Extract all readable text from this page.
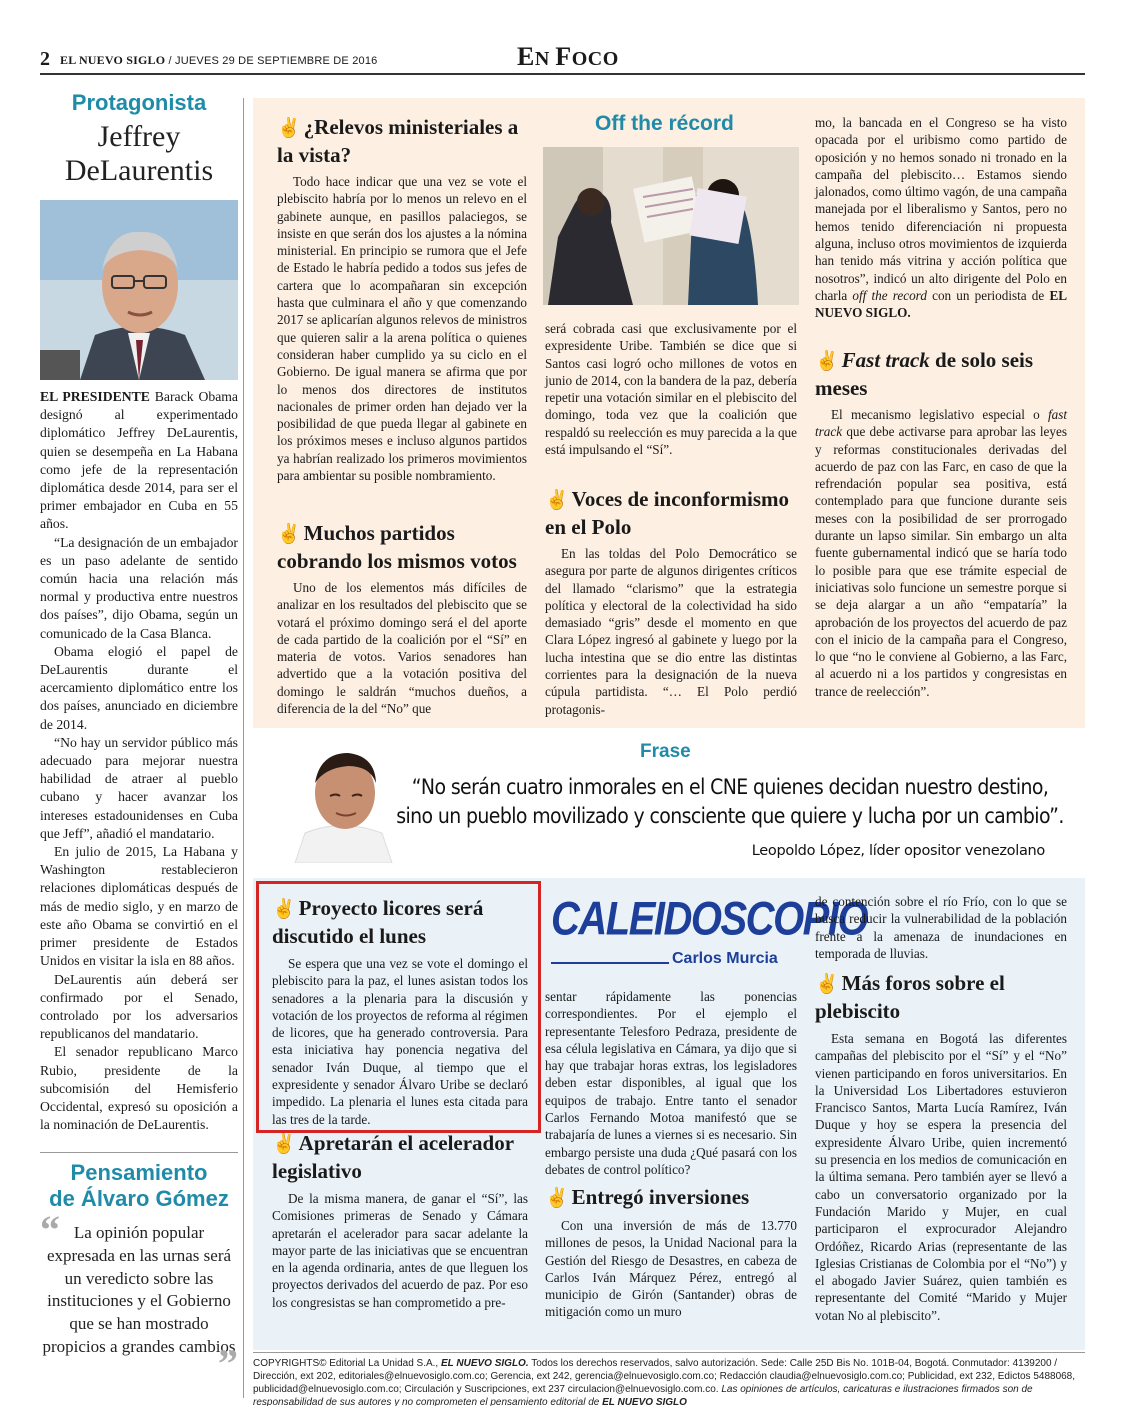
2 EL NUEVO SIGLO / JUEVES 29 DE SEPTIEMBRE DE 2016	EN FOCO
Protagonista
Jeffrey
DeLaurentis

EL PRESIDENTE Barack Obama designó al experimentado diplomático Jeffrey DeLaurentis, quien se desempeña en La Habana como jefe de la representación diplomática desde 2014, para ser el primer embajador en Cuba en 55 años.

“La designación de un embajador es un paso adelante de sentido común hacia una relación más normal y productiva entre nuestros dos países”, dijo Obama, según un comunicado de la Casa Blanca.

Obama elogió el papel de DeLaurentis durante el acercamiento diplomático entre los dos países, anunciado en diciembre de 2014.

“No hay un servidor público más adecuado para mejorar nuestra habilidad de atraer al pueblo cubano y hacer avanzar los intereses estadounidenses en Cuba que Jeff”, añadió el mandatario.

En julio de 2015, La Habana y Washington restablecieron relaciones diplomáticas después de más de medio siglo, y en marzo de este año Obama se convirtió en el primer presidente de Estados Unidos en visitar la isla en 88 años.

DeLaurentis aún deberá ser confirmado por el Senado, controlado por los adversarios republicanos del mandatario.

El senador republicano Marco Rubio, presidente de la subcomisión del Hemisferio Occidental, expresó su oposición a la nominación de DeLaurentis.

Pensamiento
de Álvaro Gómez
“ La opinión popular expresada en las urnas será un veredicto sobre las instituciones y el Gobierno que se han mostrado propicios a grandes cambios
”
✌ ¿Relevos ministeriales a la vista?

Todo hace indicar que una vez se vote el plebiscito habría por lo menos un relevo en el gabinete aunque, en pasillos palaciegos, se insiste en que serán dos los ajustes a la nómina ministerial. En principio se rumora que el Jefe de Estado le habría pedido a todos sus jefes de cartera que lo acompañaran sin excepción hasta que culminara el año y que comenzando 2017 se aplicarían algunos relevos de ministros que quieren salir a la arena política o quienes consideran haber cumplido ya su ciclo en el Gobierno. De igual manera se afirma que por lo menos dos directores de institutos nacionales de primer orden han dejado ver la posibilidad de que pueda llegar al gabinete en los próximos meses e incluso algunos partidos ya habrían realizado los primeros movimientos para ambientar su posible nombramiento.

✌ Muchos partidos cobrando los mismos votos

Uno de los elementos más difíciles de analizar en los resultados del plebiscito que se votará el próximo domingo será el del aporte de cada partido de la coalición por el “Sí” en materia de votos. Varios senadores han advertido que a la votación positiva del domingo le saldrán “muchos dueños, a diferencia de la del “No” que

Off the récord

será cobrada casi que exclusivamente por el expresidente Uribe. También se dice que si Santos casi logró ocho millones de votos en junio de 2014, con la bandera de la paz, debería repetir una votación similar en el plebiscito del domingo, toda vez que la coalición que respaldó su reelección es muy parecida a la que está impulsando el “Sí”.

✌ Voces de inconformismo en el Polo

En las toldas del Polo Democrático se asegura por parte de algunos dirigentes críticos del llamado “clarismo” que la estrategia política y electoral de la colectividad ha sido demasiado “gris” desde el momento en que Clara López ingresó al gabinete y luego por la lucha intestina que se dio entre las distintas corrientes para la designación de la nueva cúpula partidista. “… El Polo perdió protagonis-

mo, la bancada en el Congreso se ha visto opacada por el uribismo como partido de oposición y no hemos sonado ni tronado en la campaña del plebiscito… Estamos siendo jalonados, como último vagón, de una campaña manejada por el liberalismo y Santos, pero no hemos tenido diferenciación ni propuesta alguna, incluso otros movimientos de izquierda han tenido más vitrina y acción política que nosotros”, indicó un alto dirigente del Polo en charla off the record con un periodista de EL NUEVO SIGLO.

✌ Fast track de solo seis meses

El mecanismo legislativo especial o fast track que debe activarse para aprobar las leyes y reformas constitucionales derivadas del acuerdo de paz con las Farc, en caso de que la refrendación popular sea positiva, está contemplado para que funcione durante seis meses con la posibilidad de ser prorrogado durante un lapso similar. Sin embargo un alta fuente gubernamental indicó que se haría todo lo posible para que ese trámite especial de iniciativas solo funcione un semestre porque si se deja alargar a un año “empataría” la aprobación de los proyectos del acuerdo de paz con el inicio de la campaña para el Congreso, lo que “no le conviene al Gobierno, a las Farc, al acuerdo ni a los partidos y congresistas en trance de reelección”.

Frase
“No serán cuatro inmorales en el CNE quienes decidan nuestro destino, sino un pueblo movilizado y consciente que quiere y lucha por un cambio”.
Leopoldo López, líder opositor venezolano
✌ Proyecto licores será discutido el lunes

Se espera que una vez se vote el domingo el plebiscito para la paz, el lunes asistan todos los senadores a la plenaria para la discusión y votación de los proyectos de reforma al régimen de licores, que ha generado controversia. Para esta iniciativa hay ponencia negativa del senador Iván Duque, al tiempo que el expresidente y senador Álvaro Uribe se declaró impedido. La plenaria el lunes esta citada para las tres de la tarde.

✌ Apretarán el acelerador legislativo

De la misma manera, de ganar el “Sí”, las Comisiones primeras de Senado y Cámara apretarán el acelerador para sacar adelante la mayor parte de las iniciativas que se encuentran en la agenda ordinaria, antes de que lleguen los proyectos derivados del acuerdo de paz. Por eso los congresistas se han comprometido a pre-

CALEIDOSCOPIO
Carlos Murcia

sentar rápidamente las ponencias correspondientes. Por el ejemplo el representante Telesforo Pedraza, presidente de esa célula legislativa en Cámara, ya dijo que si hay que trabajar horas extras, los legisladores deben estar disponibles, al igual que los equipos de trabajo. Entre tanto el senador Carlos Fernando Motoa manifestó que se trabajaría de lunes a viernes si es necesario. Sin embargo persiste una duda ¿Qué pasará con los debates de control político?

✌ Entregó inversiones

Con una inversión de más de 13.770 millones de pesos, la Unidad Nacional para la Gestión del Riesgo de Desastres, en cabeza de Carlos Iván Márquez Pérez, entregó al municipio de Girón (Santander) obras de mitigación como un muro

de contención sobre el río Frío, con lo que se busca reducir la vulnerabilidad de la población frente a la amenaza de inundaciones en temporada de lluvias.

✌ Más foros sobre el plebiscito

Esta semana en Bogotá las diferentes campañas del plebiscito por el “Sí” y el “No” vienen participando en foros universitarios. En la Universidad Los Libertadores estuvieron Francisco Santos, Marta Lucía Ramírez, Iván Duque y hoy se espera la presencia del expresidente Álvaro Uribe, quien incrementó su presencia en los medios de comunicación en la última semana. Pero también ayer se llevó a cabo un conversatorio organizado por la Fundación Marido y Mujer, en cual participaron el exprocurador Alejandro Ordóñez, Ricardo Arias (representante de las Iglesias Cristianas de Colombia por el “No”) y el abogado Javier Suárez, quien también es representante del Comité “Marido y Mujer votan No al plebiscito”.

COPYRIGHTS© Editorial La Unidad S.A., EL NUEVO SIGLO. Todos los derechos reservados, salvo autorización. Sede: Calle 25D Bis No. 101B-04, Bogotá. Conmutador: 4139200 / Dirección, ext 202, editoriales@elnuevosiglo.com.co; Gerencia, ext 242, gerencia@elnuevosiglo.com.co; Redacción claudia@elnuevosiglo.com.co; Publicidad, ext 232, Edictos 5488068, publicidad@elnuevosiglo.com.co; Circulación y Suscripciones, ext 237 circulacion@elnuevosiglo.com.co. Las opiniones de artículos, caricaturas e ilustraciones firmados son de responsabilidad de sus autores y no comprometen el pensamiento editorial de EL NUEVO SIGLO
